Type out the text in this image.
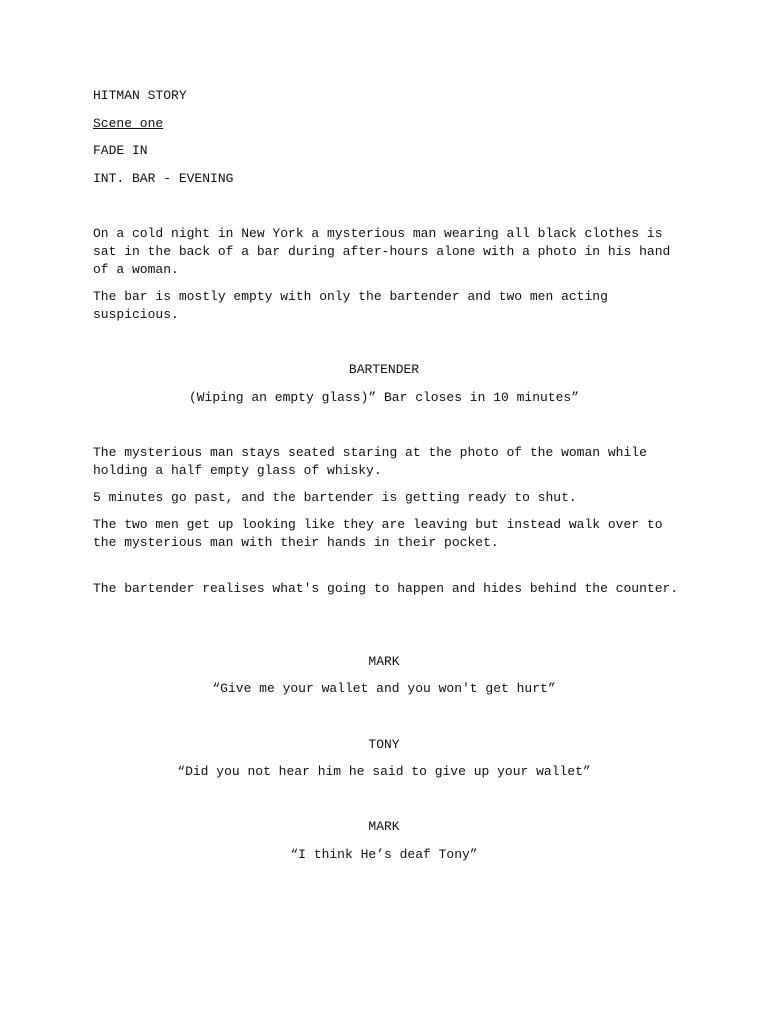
HITMAN STORY

Scene one

FADE IN

INT. BAR - EVENING

On a cold night in New York a mysterious man wearing all black clothes is sat in the back of a bar during after-hours alone with a photo in his hand of a woman.

The bar is mostly empty with only the bartender and two men acting suspicious.

BARTENDER

(Wiping an empty glass)” Bar closes in 10 minutes”

The mysterious man stays seated staring at the photo of the woman while holding a half empty glass of whisky.

5 minutes go past, and the bartender is getting ready to shut.

The two men get up looking like they are leaving but instead walk over to the mysterious man with their hands in their pocket.

The bartender realises what's going to happen and hides behind the counter.

MARK

“Give me your wallet and you won't get hurt”

TONY

“Did you not hear him he said to give up your wallet”

MARK

“I think He’s deaf Tony”
